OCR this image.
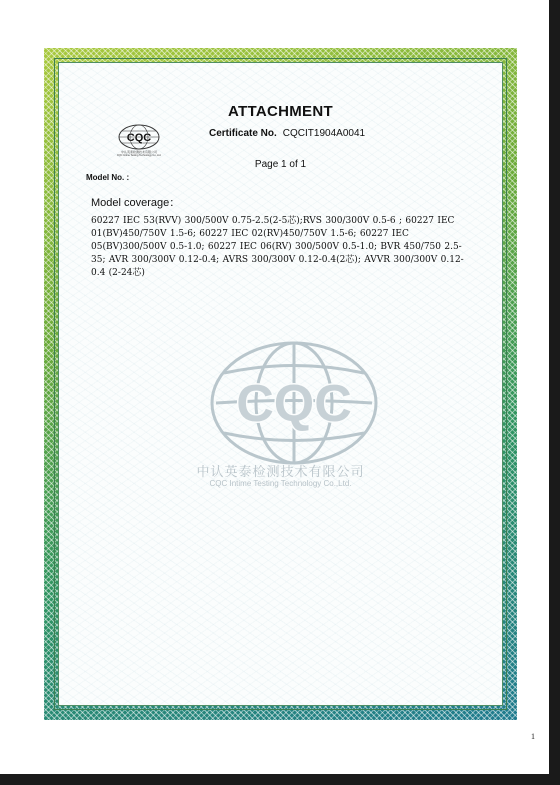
CQC
中认英泰检测技术有限公司
CQC Intime Testing Technology Co.,Ltd.
ATTACHMENT
Certificate No. CQCIT1904A0041
Page 1 of 1
Model No. :
Model coverage：
60227 IEC 53(RVV) 300/500V 0.75-2.5(2-5芯);RVS 300/300V 0.5-6 ; 60227 IEC 01(BV)450/750V 1.5-6; 60227 IEC 02(RV)450/750V 1.5-6; 60227 IEC 05(BV)300/500V 0.5-1.0; 60227 IEC 06(RV) 300/500V 0.5-1.0; BVR 450/750 2.5-35; AVR 300/300V 0.12-0.4; AVRS 300/300V 0.12-0.4(2芯); AVVR 300/300V 0.12-0.4 (2-24芯)
CQC
中认英泰检测技术有限公司
CQC Intime Testing Technology Co.,Ltd.
1
